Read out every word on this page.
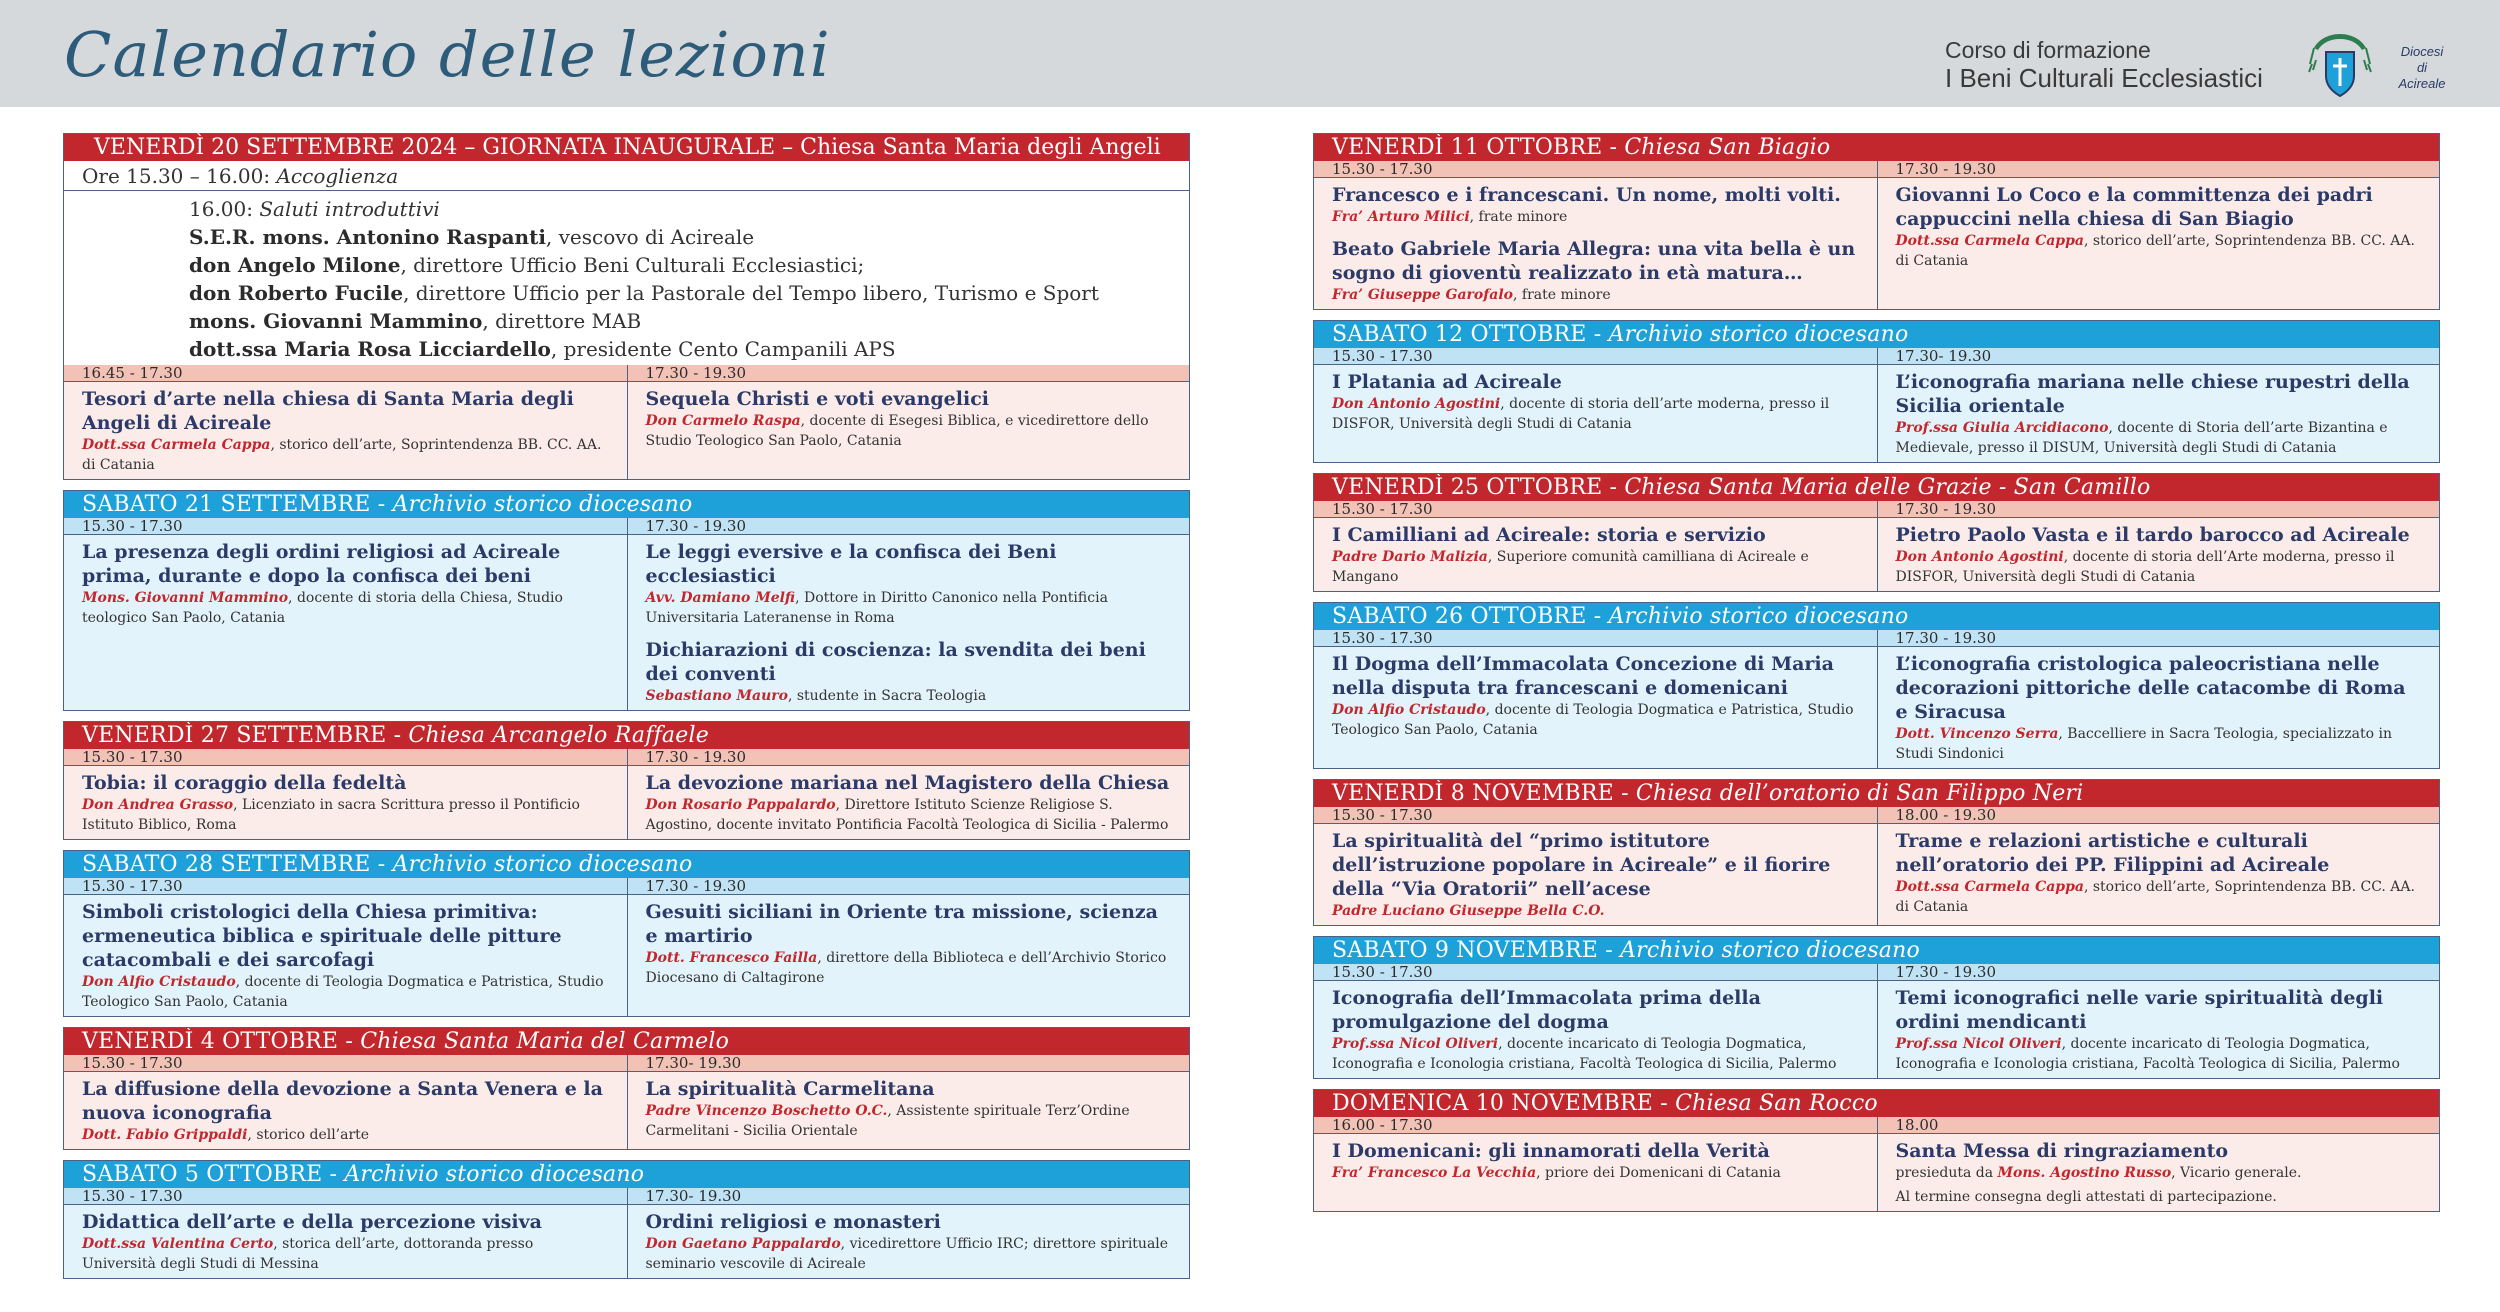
Calendario delle lezioni	Corso di formazione
I Beni Culturali Ecclesiastici
Diocesi
di
Acireale
VENERDÌ 20 SETTEMBRE 2024 – GIORNATA INAUGURALE – Chiesa Santa Maria degli Angeli
Ore 15.30 – 16.00: Accoglienza
16.00: Saluti introduttivi
S.E.R. mons. Antonino Raspanti, vescovo di Acireale
don Angelo Milone, direttore Ufficio Beni Culturali Ecclesiastici;
don Roberto Fucile, direttore Ufficio per la Pastorale del Tempo libero, Turismo e Sport
mons. Giovanni Mammino, direttore MAB
dott.ssa Maria Rosa Licciardello, presidente Cento Campanili APS
16.45 - 17.30
Tesori d’arte nella chiesa di Santa Maria degli Angeli di Acireale
Dott.ssa Carmela Cappa, storico dell’arte, Soprintendenza BB. CC. AA. di Catania
17.30 - 19.30
Sequela Christi e voti evangelici
Don Carmelo Raspa, docente di Esegesi Biblica, e vicedirettore dello Studio Teologico San Paolo, Catania
SABATO 21 SETTEMBRE - Archivio storico diocesano
15.30 - 17.30
La presenza degli ordini religiosi ad Acireale prima, durante e dopo la confisca dei beni
Mons. Giovanni Mammino, docente di storia della Chiesa, Studio teologico San Paolo, Catania
17.30 - 19.30
Le leggi eversive e la confisca dei Beni ecclesiastici
Avv. Damiano Melfi, Dottore in Diritto Canonico nella Pontificia Universitaria Lateranense in Roma
Dichiarazioni di coscienza: la svendita dei beni dei conventi
Sebastiano Mauro, studente in Sacra Teologia
VENERDÌ 27 SETTEMBRE - Chiesa Arcangelo Raffaele
15.30 - 17.30
Tobia: il coraggio della fedeltà
Don Andrea Grasso, Licenziato in sacra Scrittura presso il Pontificio Istituto Biblico, Roma
17.30 - 19.30
La devozione mariana nel Magistero della Chiesa
Don Rosario Pappalardo, Direttore Istituto Scienze Religiose S. Agostino, docente invitato Pontificia Facoltà Teologica di Sicilia - Palermo
SABATO 28 SETTEMBRE - Archivio storico diocesano
15.30 - 17.30
Simboli cristologici della Chiesa primitiva: ermeneutica biblica e spirituale delle pitture catacombali e dei sarcofagi
Don Alfio Cristaudo, docente di Teologia Dogmatica e Patristica, Studio Teologico San Paolo, Catania
17.30 - 19.30
Gesuiti siciliani in Oriente tra missione, scienza e martirio
Dott. Francesco Failla, direttore della Biblioteca e dell’Archivio Storico Diocesano di Caltagirone
VENERDÌ 4 OTTOBRE - Chiesa Santa Maria del Carmelo
15.30 - 17.30
La diffusione della devozione a Santa Venera e la nuova iconografia
Dott. Fabio Grippaldi, storico dell’arte
17.30- 19.30
La spiritualità Carmelitana
Padre Vincenzo Boschetto O.C., Assistente spirituale Terz’Ordine Carmelitani - Sicilia Orientale
SABATO 5 OTTOBRE - Archivio storico diocesano
15.30 - 17.30
Didattica dell’arte e della percezione visiva
Dott.ssa Valentina Certo, storica dell’arte, dottoranda presso Università degli Studi di Messina
17.30- 19.30
Ordini religiosi e monasteri
Don Gaetano Pappalardo, vicedirettore Ufficio IRC; direttore spirituale seminario vescovile di Acireale
VENERDÌ 11 OTTOBRE - Chiesa San Biagio
15.30 - 17.30
Francesco e i francescani. Un nome, molti volti.
Fra’ Arturo Milici, frate minore
Beato Gabriele Maria Allegra: una vita bella è un sogno di gioventù realizzato in età matura…
Fra’ Giuseppe Garofalo, frate minore
17.30 - 19.30
Giovanni Lo Coco e la committenza dei padri cappuccini nella chiesa di San Biagio
Dott.ssa Carmela Cappa, storico dell’arte, Soprintendenza BB. CC. AA. di Catania
SABATO 12 OTTOBRE - Archivio storico diocesano
15.30 - 17.30
I Platania ad Acireale
Don Antonio Agostini, docente di storia dell’arte moderna, presso il DISFOR, Università degli Studi di Catania
17.30- 19.30
L’iconografia mariana nelle chiese rupestri della Sicilia orientale
Prof.ssa Giulia Arcidiacono, docente di Storia dell’arte Bizantina e Medievale, presso il DISUM, Università degli Studi di Catania
VENERDÌ 25 OTTOBRE - Chiesa Santa Maria delle Grazie - San Camillo
15.30 - 17.30
I Camilliani ad Acireale: storia e servizio
Padre Dario Malizia, Superiore comunità camilliana di Acireale e Mangano
17.30 - 19.30
Pietro Paolo Vasta e il tardo barocco ad Acireale
Don Antonio Agostini, docente di storia dell’Arte moderna, presso il DISFOR, Università degli Studi di Catania
SABATO 26 OTTOBRE - Archivio storico diocesano
15.30 - 17.30
Il Dogma dell’Immacolata Concezione di Maria nella disputa tra francescani e domenicani
Don Alfio Cristaudo, docente di Teologia Dogmatica e Patristica, Studio Teologico San Paolo, Catania
17.30 - 19.30
L’iconografia cristologica paleocristiana nelle decorazioni pittoriche delle catacombe di Roma e Siracusa
Dott. Vincenzo Serra, Baccelliere in Sacra Teologia, specializzato in Studi Sindonici
VENERDÌ 8 NOVEMBRE - Chiesa dell’oratorio di San Filippo Neri
15.30 - 17.30
La spiritualità del “primo istitutore dell’istruzione popolare in Acireale” e il fiorire della “Via Oratorii” nell’acese
Padre Luciano Giuseppe Bella C.O.
18.00 - 19.30
Trame e relazioni artistiche e culturali nell’oratorio dei PP. Filippini ad Acireale
Dott.ssa Carmela Cappa, storico dell’arte, Soprintendenza BB. CC. AA. di Catania
SABATO 9 NOVEMBRE - Archivio storico diocesano
15.30 - 17.30
Iconografia dell’Immacolata prima della promulgazione del dogma
Prof.ssa Nicol Oliveri, docente incaricato di Teologia Dogmatica, Iconografia e Iconologia cristiana, Facoltà Teologica di Sicilia, Palermo
17.30 - 19.30
Temi iconografici nelle varie spiritualità degli ordini mendicanti
Prof.ssa Nicol Oliveri, docente incaricato di Teologia Dogmatica, Iconografia e Iconologia cristiana, Facoltà Teologica di Sicilia, Palermo
DOMENICA 10 NOVEMBRE - Chiesa San Rocco
16.00 - 17.30
I Domenicani: gli innamorati della Verità
Fra’ Francesco La Vecchia, priore dei Domenicani di Catania
18.00
Santa Messa di ringraziamento
presieduta da Mons. Agostino Russo, Vicario generale.
Al termine consegna degli attestati di partecipazione.
